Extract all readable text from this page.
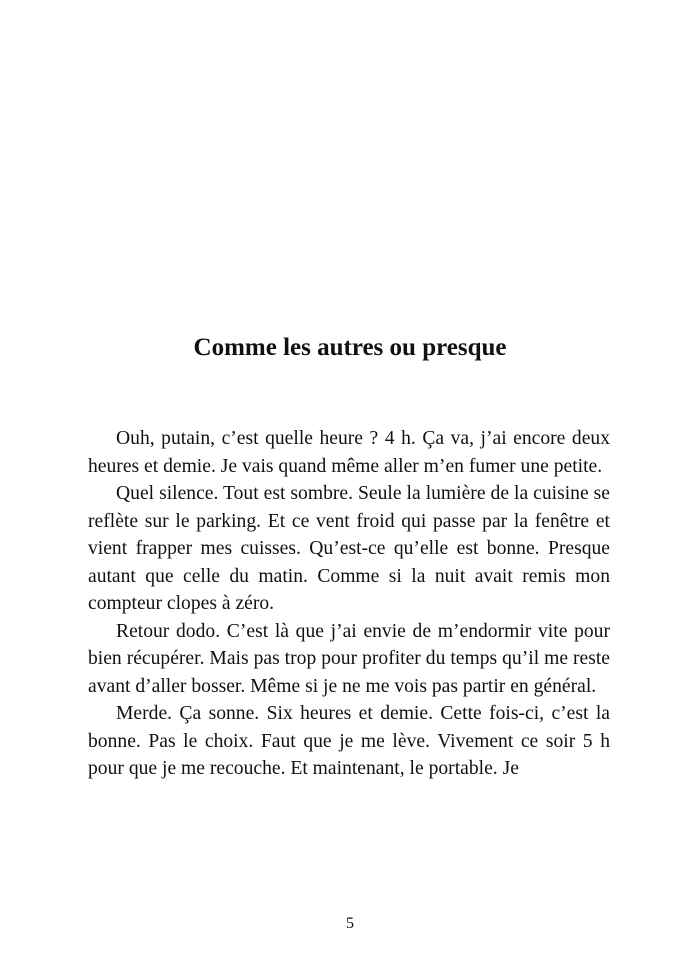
Comme les autres ou presque

Ouh, putain, c’est quelle heure ? 4 h. Ça va, j’ai encore deux heures et demie. Je vais quand même aller m’en fumer une petite.

Quel silence. Tout est sombre. Seule la lumière de la cuisine se reflète sur le parking. Et ce vent froid qui passe par la fenêtre et vient frapper mes cuisses. Qu’est-ce qu’elle est bonne. Presque autant que celle du matin. Comme si la nuit avait remis mon compteur clopes à zéro.

Retour dodo. C’est là que j’ai envie de m’endormir vite pour bien récupérer. Mais pas trop pour profiter du temps qu’il me reste avant d’aller bosser. Même si je ne me vois pas partir en général.

Merde. Ça sonne. Six heures et demie. Cette fois-ci, c’est la bonne. Pas le choix. Faut que je me lève. Vivement ce soir 5 h pour que je me recouche. Et maintenant, le portable. Je

5
